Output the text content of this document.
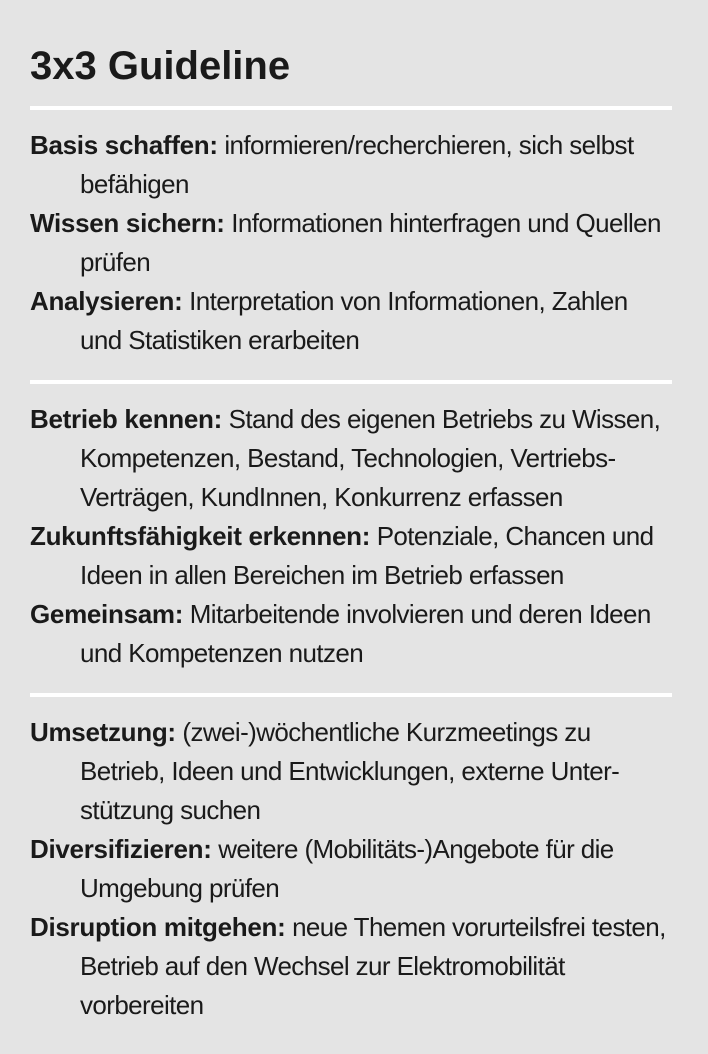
3x3 Guideline
Basis schaffen: informieren/recherchieren, sich selbst befähigen
Wissen sichern: Informationen hinterfragen und Quellen prüfen
Analysieren: Interpretation von Informationen, Zahlen und Statistiken erarbeiten
Betrieb kennen: Stand des eigenen Betriebs zu Wissen, Kompetenzen, Bestand, Technologien, Vertriebs-Verträgen, KundInnen, Konkurrenz erfassen
Zukunftsfähigkeit erkennen: Potenziale, Chancen und Ideen in allen Bereichen im Betrieb erfassen
Gemeinsam: Mitarbeitende involvieren und deren Ideen und Kompetenzen nutzen
Umsetzung: (zwei-)wöchentliche Kurzmeetings zu Betrieb, Ideen und Entwicklungen, externe Unterstützung suchen
Diversifizieren: weitere (Mobilitäts-)Angebote für die Umgebung prüfen
Disruption mitgehen: neue Themen vorurteilsfrei testen, Betrieb auf den Wechsel zur Elektromobilität vorbereiten
